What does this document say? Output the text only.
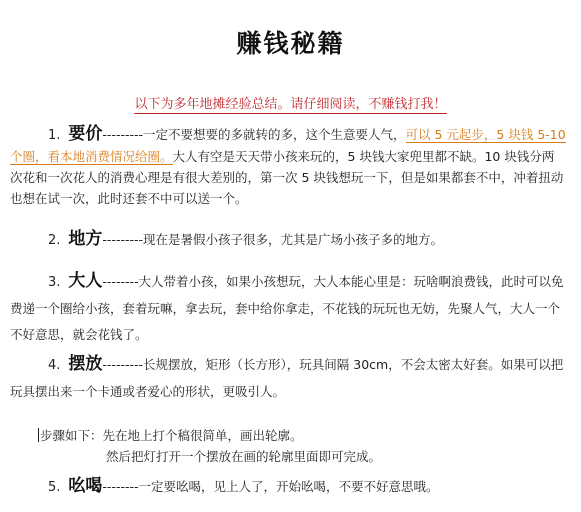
赚钱秘籍
以下为多年地摊经验总结。请仔细阅读，不赚钱打我！
1. 要价---------一定不要想要的多就转的多，这个生意要人气，可以 5 元起步，5 块钱 5-10 个圈，看本地消费情况给圈。大人有空是天天带小孩来玩的，5 块钱大家兜里都不缺。10 块钱分两次花和一次花人的消费心理是有很大差别的，第一次 5 块钱想玩一下，但是如果都套不中，冲着扭动也想在试一次，此时还套不中可以送一个。
2. 地方---------现在是暑假小孩子很多，尤其是广场小孩子多的地方。
3. 大人--------大人带着小孩，如果小孩想玩，大人本能心里是：玩啥啊浪费钱，此时可以免费递一个圈给小孩，套着玩嘛，拿去玩，套中给你拿走，不花钱的玩玩也无妨，先聚人气，大人一个不好意思，就会花钱了。
4. 摆放---------长规摆放，矩形（长方形），玩具间隔 30cm，不会太密太好套。如果可以把玩具摆出来一个卡通或者爱心的形状，更吸引人。
步骤如下：先在地上打个稿很简单，画出轮廓。
然后把灯打开一个摆放在画的轮廓里面即可完成。
5. 吆喝--------一定要吆喝，见上人了，开始吆喝，不要不好意思哦。
